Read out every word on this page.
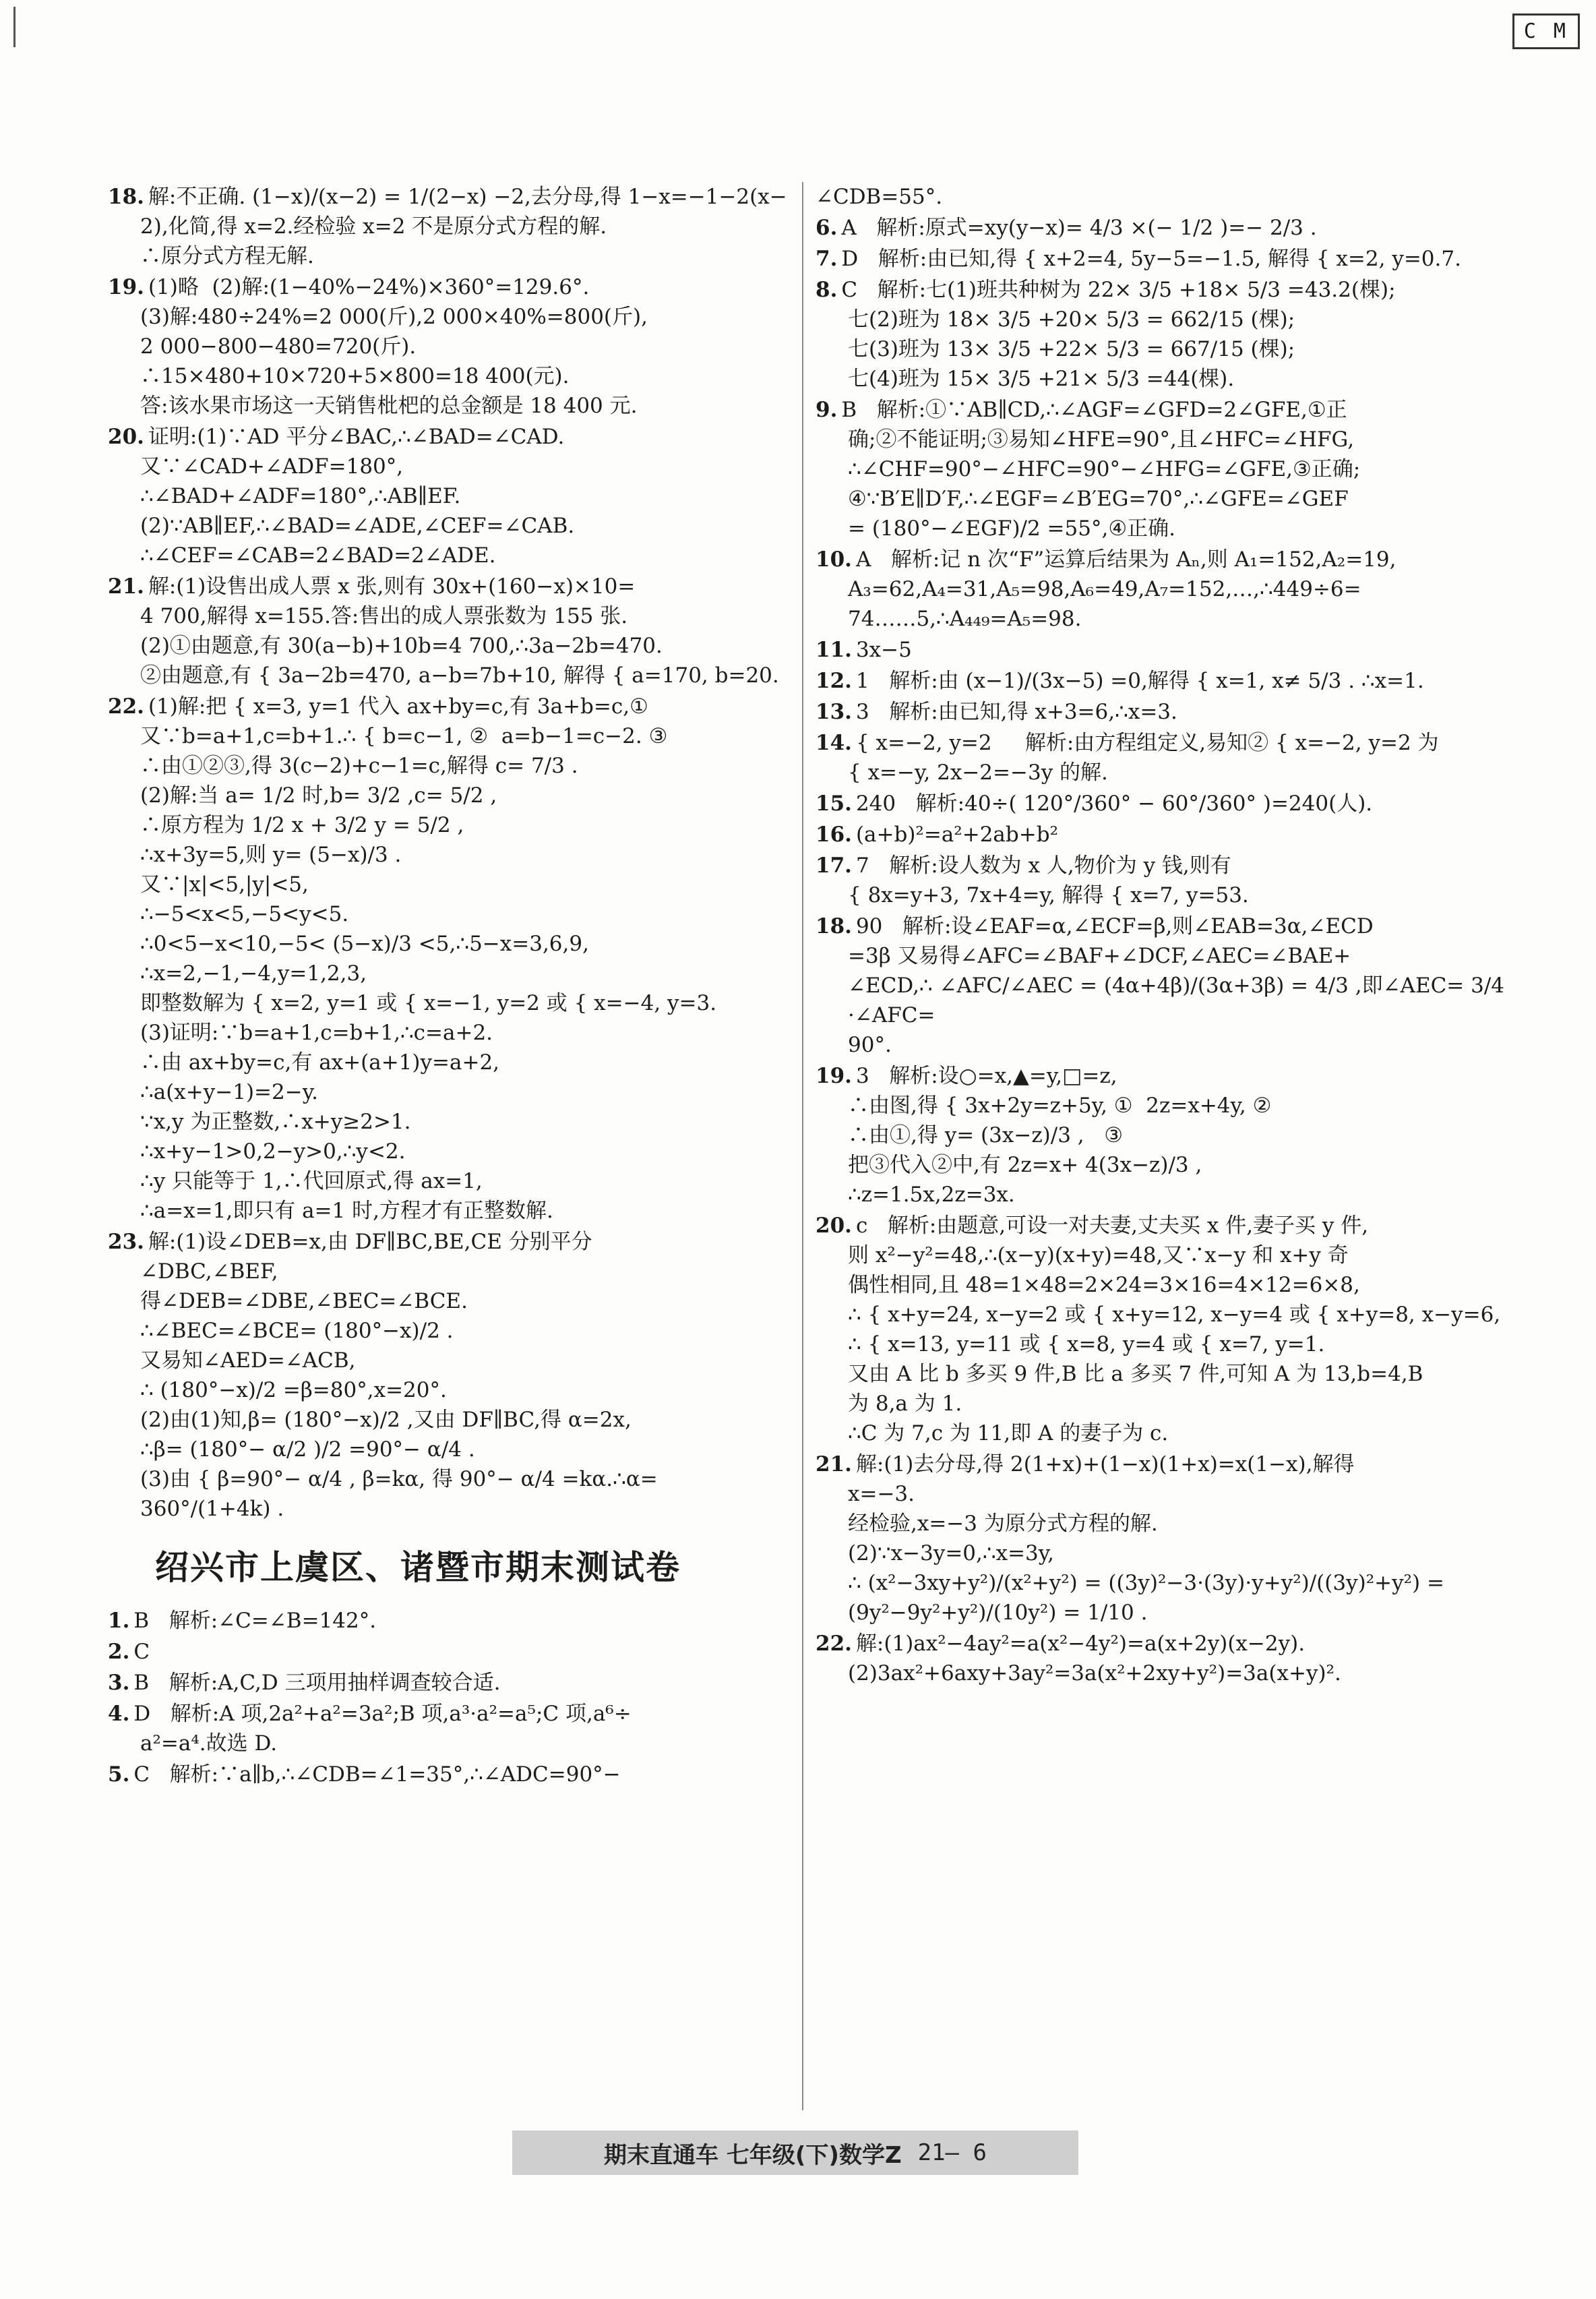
C M
18. 解:不正确. (1−x)/(x−2) = 1/(2−x) −2,去分母,得 1−x=−1−2(x−
2),化简,得 x=2.经检验 x=2 不是原分式方程的解.
∴原分式方程无解.
19. (1)略  (2)解:(1−40%−24%)×360°=129.6°.
(3)解:480÷24%=2 000(斤),2 000×40%=800(斤),
2 000−800−480=720(斤).
∴15×480+10×720+5×800=18 400(元).
答:该水果市场这一天销售枇杷的总金额是 18 400 元.
20. 证明:(1)∵AD 平分∠BAC,∴∠BAD=∠CAD.
又∵∠CAD+∠ADF=180°,
∴∠BAD+∠ADF=180°,∴AB∥EF.
(2)∵AB∥EF,∴∠BAD=∠ADE,∠CEF=∠CAB.
∴∠CEF=∠CAB=2∠BAD=2∠ADE.
21. 解:(1)设售出成人票 x 张,则有 30x+(160−x)×10=
4 700,解得 x=155.答:售出的成人票张数为 155 张.
(2)①由题意,有 30(a−b)+10b=4 700,∴3a−2b=470.
②由题意,有 { 3a−2b=470, a−b=7b+10, 解得 { a=170, b=20.
22. (1)解:把 { x=3, y=1 代入 ax+by=c,有 3a+b=c,①
又∵b=a+1,c=b+1.∴ { b=c−1, ②  a=b−1=c−2. ③
∴由①②③,得 3(c−2)+c−1=c,解得 c= 7/3 .
(2)解:当 a= 1/2 时,b= 3/2 ,c= 5/2 ,
∴原方程为 1/2 x + 3/2 y = 5/2 ,
∴x+3y=5,则 y= (5−x)/3 .
又∵|x|<5,|y|<5,
∴−5<x<5,−5<y<5.
∴0<5−x<10,−5< (5−x)/3 <5,∴5−x=3,6,9,
∴x=2,−1,−4,y=1,2,3,
即整数解为 { x=2, y=1 或 { x=−1, y=2 或 { x=−4, y=3.
(3)证明:∵b=a+1,c=b+1,∴c=a+2.
∴由 ax+by=c,有 ax+(a+1)y=a+2,
∴a(x+y−1)=2−y.
∵x,y 为正整数,∴x+y≥2>1.
∴x+y−1>0,2−y>0,∴y<2.
∴y 只能等于 1,∴代回原式,得 ax=1,
∴a=x=1,即只有 a=1 时,方程才有正整数解.
23. 解:(1)设∠DEB=x,由 DF∥BC,BE,CE 分别平分
∠DBC,∠BEF,
得∠DEB=∠DBE,∠BEC=∠BCE.
∴∠BEC=∠BCE= (180°−x)/2 .
又易知∠AED=∠ACB,
∴ (180°−x)/2 =β=80°,x=20°.
(2)由(1)知,β= (180°−x)/2 ,又由 DF∥BC,得 α=2x,
∴β= (180°− α/2 )/2 =90°− α/4 .
(3)由 { β=90°− α/4 , β=kα, 得 90°− α/4 =kα.∴α= 360°/(1+4k) .
绍兴市上虞区、诸暨市期末测试卷
1. B   解析:∠C=∠B=142°.
2. C
3. B   解析:A,C,D 三项用抽样调查较合适.
4. D   解析:A 项,2a²+a²=3a²;B 项,a³·a²=a⁵;C 项,a⁶÷
a²=a⁴.故选 D.
5. C   解析:∵a∥b,∴∠CDB=∠1=35°,∴∠ADC=90°−
∠CDB=55°.
6. A   解析:原式=xy(y−x)= 4/3 ×(− 1/2 )=− 2/3 .
7. D   解析:由已知,得 { x+2=4, 5y−5=−1.5, 解得 { x=2, y=0.7.
8. C   解析:七(1)班共种树为 22× 3/5 +18× 5/3 =43.2(棵);
七(2)班为 18× 3/5 +20× 5/3 = 662/15 (棵);
七(3)班为 13× 3/5 +22× 5/3 = 667/15 (棵);
七(4)班为 15× 3/5 +21× 5/3 =44(棵).
9. B   解析:①∵AB∥CD,∴∠AGF=∠GFD=2∠GFE,①正
确;②不能证明;③易知∠HFE=90°,且∠HFC=∠HFG,
∴∠CHF=90°−∠HFC=90°−∠HFG=∠GFE,③正确;
④∵B′E∥D′F,∴∠EGF=∠B′EG=70°,∴∠GFE=∠GEF
= (180°−∠EGF)/2 =55°,④正确.
10. A   解析:记 n 次“F”运算后结果为 Aₙ,则 A₁=152,A₂=19,
A₃=62,A₄=31,A₅=98,A₆=49,A₇=152,…,∴449÷6=
74……5,∴A₄₄₉=A₅=98.
11. 3x−5
12. 1   解析:由 (x−1)/(3x−5) =0,解得 { x=1, x≠ 5/3 . ∴x=1.
13. 3   解析:由已知,得 x+3=6,∴x=3.
14. { x=−2, y=2     解析:由方程组定义,易知② { x=−2, y=2 为
{ x=−y, 2x−2=−3y 的解.
15. 240   解析:40÷( 120°/360° − 60°/360° )=240(人).
16. (a+b)²=a²+2ab+b²
17. 7   解析:设人数为 x 人,物价为 y 钱,则有
{ 8x=y+3, 7x+4=y, 解得 { x=7, y=53.
18. 90   解析:设∠EAF=α,∠ECF=β,则∠EAB=3α,∠ECD
=3β 又易得∠AFC=∠BAF+∠DCF,∠AEC=∠BAE+
∠ECD,∴ ∠AFC/∠AEC = (4α+4β)/(3α+3β) = 4/3 ,即∠AEC= 3/4 ·∠AFC=
90°.
19. 3   解析:设○=x,▲=y,□=z,
∴由图,得 { 3x+2y=z+5y, ①  2z=x+4y, ②
∴由①,得 y= (3x−z)/3 ,   ③
把③代入②中,有 2z=x+ 4(3x−z)/3 ,
∴z=1.5x,2z=3x.
20. c   解析:由题意,可设一对夫妻,丈夫买 x 件,妻子买 y 件,
则 x²−y²=48,∴(x−y)(x+y)=48,又∵x−y 和 x+y 奇
偶性相同,且 48=1×48=2×24=3×16=4×12=6×8,
∴ { x+y=24, x−y=2 或 { x+y=12, x−y=4 或 { x+y=8, x−y=6,
∴ { x=13, y=11 或 { x=8, y=4 或 { x=7, y=1.
又由 A 比 b 多买 9 件,B 比 a 多买 7 件,可知 A 为 13,b=4,B
为 8,a 为 1.
∴C 为 7,c 为 11,即 A 的妻子为 c.
21. 解:(1)去分母,得 2(1+x)+(1−x)(1+x)=x(1−x),解得
x=−3.
经检验,x=−3 为原分式方程的解.
(2)∵x−3y=0,∴x=3y,
∴ (x²−3xy+y²)/(x²+y²) = ((3y)²−3·(3y)·y+y²)/((3y)²+y²) =
(9y²−9y²+y²)/(10y²) = 1/10 .
22. 解:(1)ax²−4ay²=a(x²−4y²)=a(x+2y)(x−2y).
(2)3ax²+6axy+3ay²=3a(x²+2xy+y²)=3a(x+y)².
期末直通车 七年级(下)数学Z 21— 6
